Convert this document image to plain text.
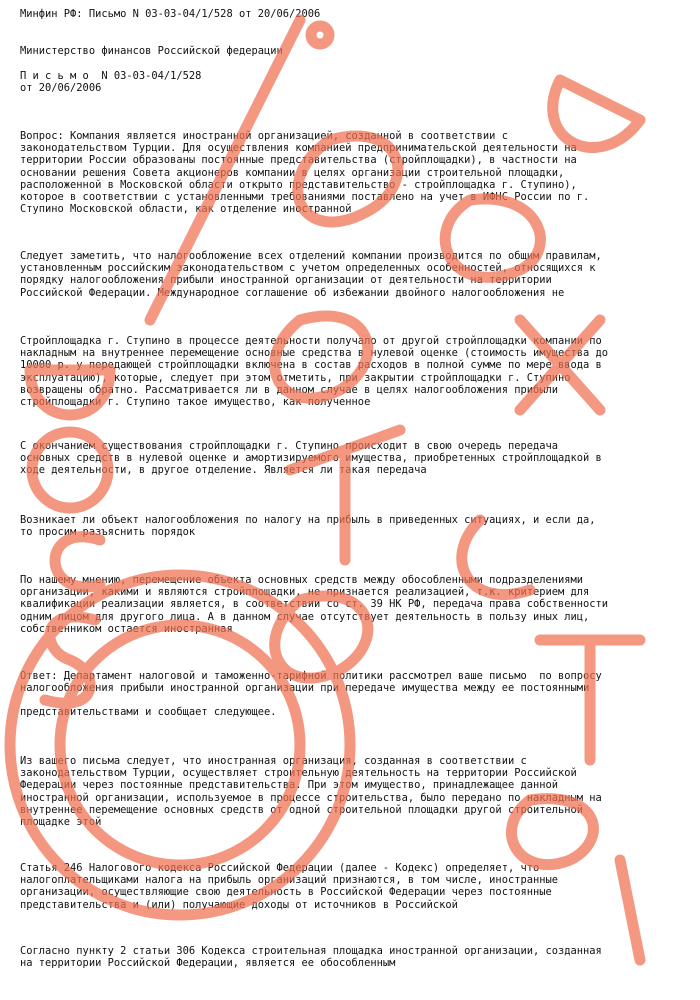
Минфин РФ: Письмо N 03-03-04/1/528 от 20/06/2006

Министерство финансов Российской федерации

П и с ь м о  N 03-03-04/1/528

от 20/06/2006

Вопрос: Компания является иностранной организацией, созданной в соответствии с

законодательством Турции. Для осуществления компанией предпринимательской деятельности на

территории России образованы постоянные представительства (стройплощадки), в частности на

основании решения Совета акционеров компании в целях организации строительной площадки,

расположенной в Московской области открыто представительство - стройплощадка г. Ступино),

которое в соответствии с установленными требованиями поставлено на учет в ИФНС России по г.

Ступино Московской области, как отделение иностранной

Следует заметить, что налогообложение всех отделений компании производится по общим правилам,

установленным российским законодательством с учетом определенных особенностей, относящихся к

порядку налогообложения прибыли иностранной организации от деятельности на территории

Российской Федерации. Международное соглашение об избежании двойного налогообложения не

Стройплощадка г. Ступино в процессе деятельности получало от другой стройплощадки компании по

накладным на внутреннее перемещение основные средства в нулевой оценке (стоимость имущества до

10000 р. у передающей стройплощадки включена в состав расходов в полной сумме по мере ввода в

эксплуатацию), которые, следует при этом отметить, при закрытии стройплощадки г. Ступино

возвращены обратно. Рассматривается ли в данном случае в целях налогообложения прибыли

стройплощадки г. Ступино такое имущество, как полученное

С окончанием существования стройплощадки г. Ступино происходит в свою очередь передача

основных средств в нулевой оценке и амортизируемого имущества, приобретенных стройплощадкой в

ходе деятельности, в другое отделение. Является ли такая передача

Возникает ли объект налогообложения по налогу на прибыль в приведенных ситуациях, и если да,

то просим разъяснить порядок

По нашему мнению, перемещение объекта основных средств между обособленными подразделениями

организации, какими и являются стройплощадки, не признается реализацией, т.к. критерием для

квалификации реализации является, в соответствии со ст. 39 НК РФ, передача права собственности

одним лицом для другого лица. А в данном случае отсутствует деятельность в пользу иных лиц,

собственником остается иностранная

Ответ: Департамент налоговой и таможенно-тарифной политики рассмотрел ваше письмо  по вопросу

налогообложения прибыли иностранной организации при передаче имущества между ее постоянными

представительствами и сообщает следующее.

Из вашего письма следует, что иностранная организация, созданная в соответствии с

законодательством Турции, осуществляет строительную деятельность на территории Российской

Федерации через постоянные представительства. При этом имущество, принадлежащее данной

иностранной организации, используемое в процессе строительства, было передано по накладным на

внутреннее перемещение основных средств от одной строительной площадки другой строительной

площадке этой

Статья 246 Налогового кодекса Российской Федерации (далее - Кодекс) определяет, что

налогоплательщиками налога на прибыль организаций признаются, в том числе, иностранные

организации, осуществляющие свою деятельность в Российской Федерации через постоянные

представительства и (или) получающие доходы от источников в Российской

Согласно пункту 2 статьи 306 Кодекса строительная площадка иностранной организации, созданная

на территории Российской Федерации, является ее обособленным
